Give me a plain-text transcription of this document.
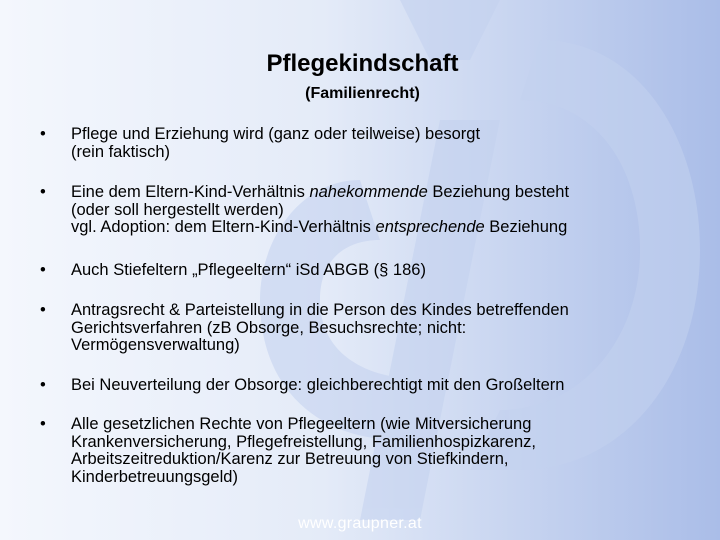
Pflegekindschaft
(Familienrecht)
•	Pflege und Erziehung wird (ganz oder teilweise) besorgt
(rein faktisch)
•	Eine dem Eltern-Kind-Verhältnis nahekommende Beziehung besteht
(oder soll hergestellt werden)
vgl. Adoption: dem Eltern-Kind-Verhältnis entsprechende Beziehung
•	Auch Stiefeltern „Pflegeeltern“ iSd ABGB (§ 186)
•	Antragsrecht & Parteistellung in die Person des Kindes betreffenden
Gerichtsverfahren (zB Obsorge, Besuchsrechte; nicht:
Vermögensverwaltung)
•	Bei Neuverteilung der Obsorge: gleichberechtigt mit den Großeltern
•	Alle gesetzlichen Rechte von Pflegeeltern (wie Mitversicherung
Krankenversicherung, Pflegefreistellung, Familienhospizkarenz,
Arbeitszeitreduktion/Karenz zur Betreuung von Stiefkindern,
Kinderbetreuungsgeld)
www.graupner.at
